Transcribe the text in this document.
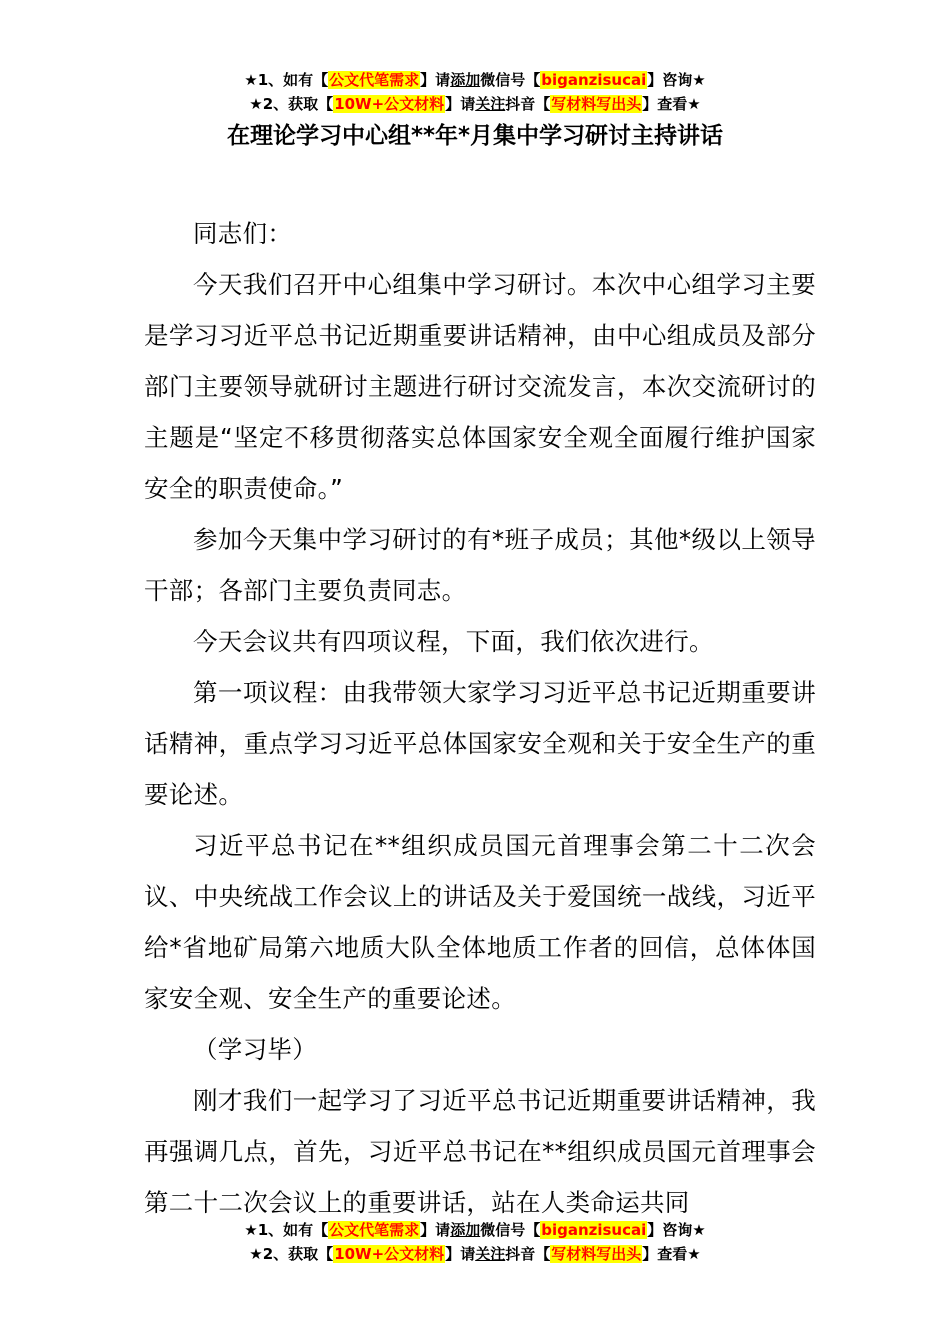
★1、如有【公文代笔需求】请添加微信号【biganzisucai】咨询★
★2、获取【10W+公文材料】请关注抖音【写材料写出头】查看★
在理论学习中心组**年*月集中学习研讨主持讲话

同志们：

今天我们召开中心组集中学习研讨。本次中心组学习主要是学习习近平总书记近期重要讲话精神，由中心组成员及部分部门主要领导就研讨主题进行研讨交流发言，本次交流研讨的主题是“坚定不移贯彻落实总体国家安全观全面履行维护国家安全的职责使命。”

参加今天集中学习研讨的有*班子成员；其他*级以上领导干部；各部门主要负责同志。

今天会议共有四项议程，下面，我们依次进行。

第一项议程：由我带领大家学习习近平总书记近期重要讲话精神，重点学习习近平总体国家安全观和关于安全生产的重要论述。

习近平总书记在**组织成员国元首理事会第二十二次会议、中央统战工作会议上的讲话及关于爱国统一战线，习近平给*省地矿局第六地质大队全体地质工作者的回信，总体体国家安全观、安全生产的重要论述。

（学习毕）

刚才我们一起学习了习近平总书记近期重要讲话精神，我再强调几点，首先，习近平总书记在**组织成员国元首理事会第二十二次会议上的重要讲话，站在人类命运共同

★1、如有【公文代笔需求】请添加微信号【biganzisucai】咨询★
★2、获取【10W+公文材料】请关注抖音【写材料写出头】查看★
